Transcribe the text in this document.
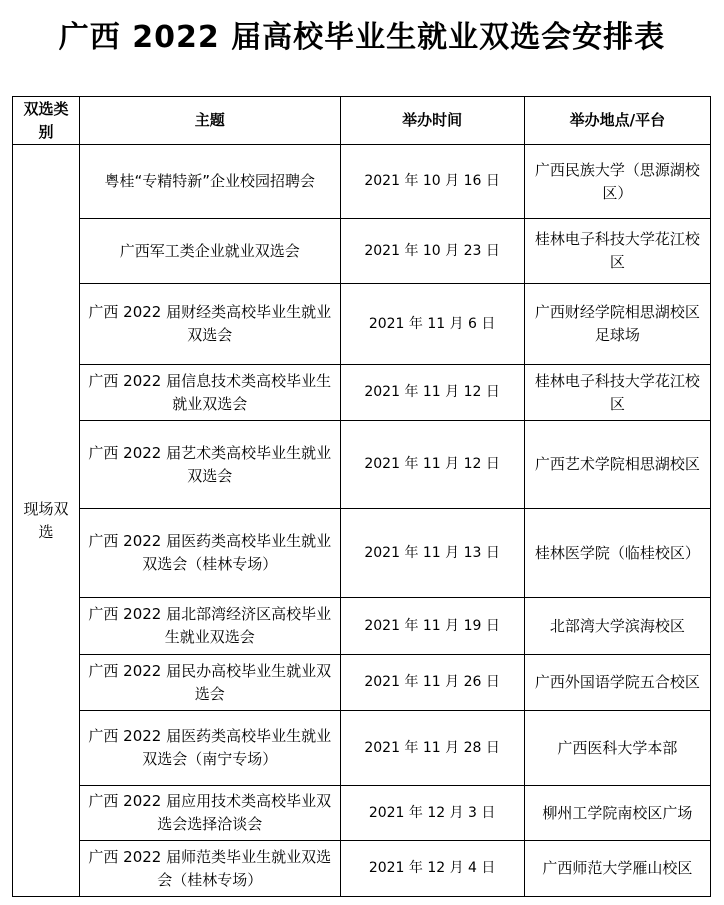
广西 2022 届高校毕业生就业双选会安排表
双选类别	主题	举办时间	举办地点/平台
现场双选	粤桂“专精特新”企业校园招聘会	2021 年 10 月 16 日	广西民族大学（思源湖校区）
	广西军工类企业就业双选会	2021 年 10 月 23 日	桂林电子科技大学花江校区
	广西 2022 届财经类高校毕业生就业双选会	2021 年 11 月 6 日	广西财经学院相思湖校区足球场
	广西 2022 届信息技术类高校毕业生就业双选会	2021 年 11 月 12 日	桂林电子科技大学花江校区
	广西 2022 届艺术类高校毕业生就业双选会	2021 年 11 月 12 日	广西艺术学院相思湖校区
	广西 2022 届医药类高校毕业生就业双选会（桂林专场）	2021 年 11 月 13 日	桂林医学院（临桂校区）
	广西 2022 届北部湾经济区高校毕业生就业双选会	2021 年 11 月 19 日	北部湾大学滨海校区
	广西 2022 届民办高校毕业生就业双选会	2021 年 11 月 26 日	广西外国语学院五合校区
	广西 2022 届医药类高校毕业生就业双选会（南宁专场）	2021 年 11 月 28 日	广西医科大学本部
	广西 2022 届应用技术类高校毕业双选会选择洽谈会	2021 年 12 月 3 日	柳州工学院南校区广场
	广西 2022 届师范类毕业生就业双选会（桂林专场）	2021 年 12 月 4 日	广西师范大学雁山校区
